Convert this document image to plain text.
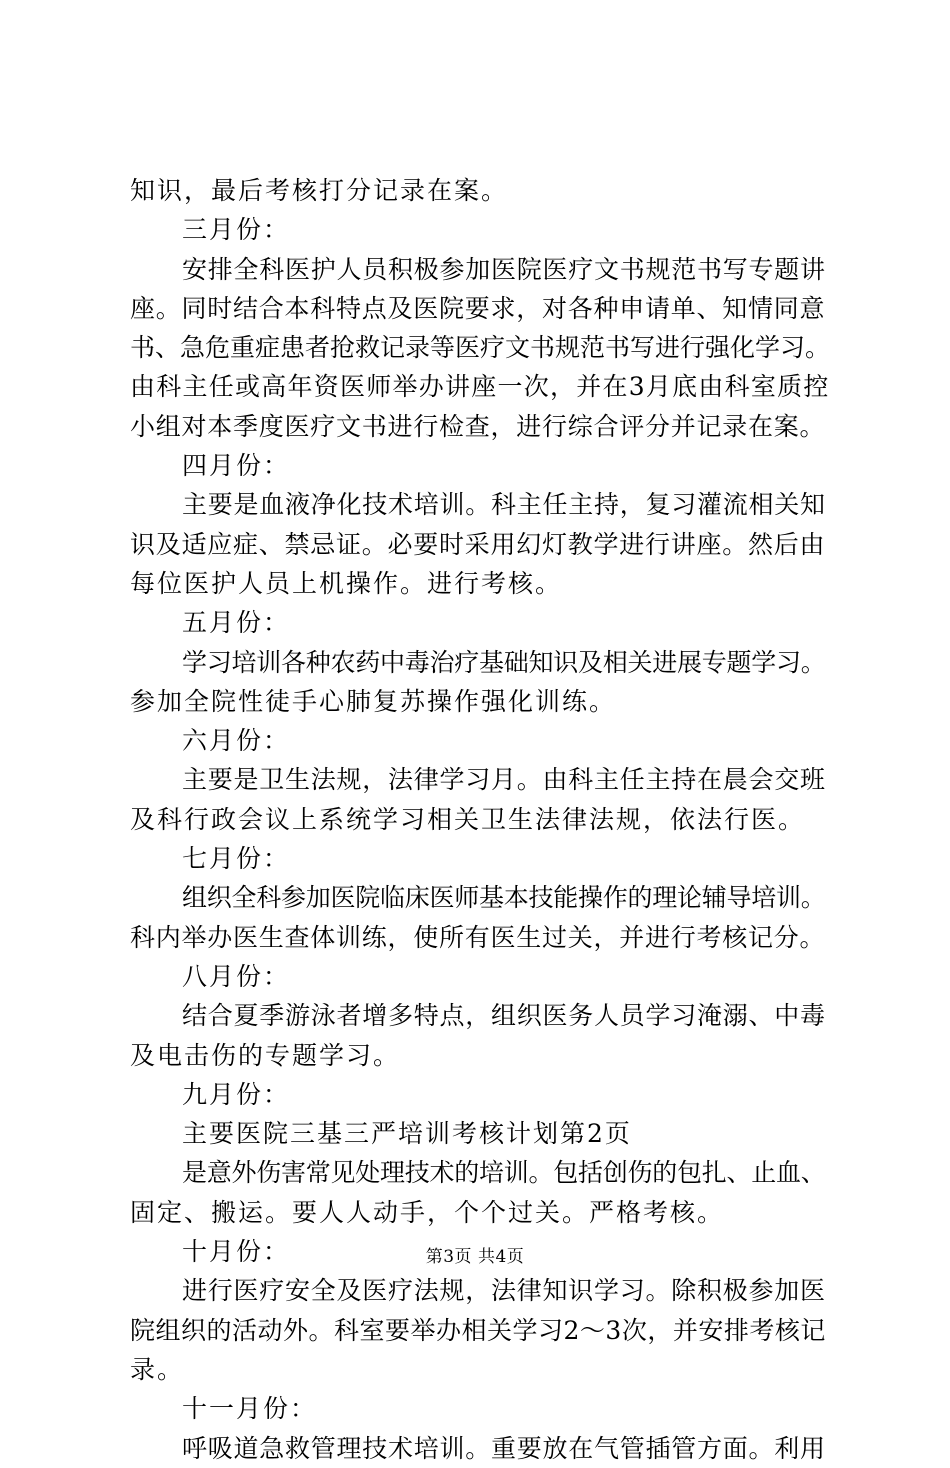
知识，最后考核打分记录在案。
三月份：
安排全科医护人员积极参加医院医疗文书规范书写专题讲
座。同时结合本科特点及医院要求，对各种申请单、知情同意
书、急危重症患者抢救记录等医疗文书规范书写进行强化学习。
由科主任或高年资医师举办讲座一次，并在3月底由科室质控
小组对本季度医疗文书进行检查，进行综合评分并记录在案。
四月份：
主要是血液净化技术培训。科主任主持，复习灌流相关知
识及适应症、禁忌证。必要时采用幻灯教学进行讲座。然后由
每位医护人员上机操作。进行考核。
五月份：
学习培训各种农药中毒治疗基础知识及相关进展专题学习。
参加全院性徒手心肺复苏操作强化训练。
六月份：
主要是卫生法规，法律学习月。由科主任主持在晨会交班
及科行政会议上系统学习相关卫生法律法规，依法行医。
七月份：
组织全科参加医院临床医师基本技能操作的理论辅导培训。
科内举办医生查体训练，使所有医生过关，并进行考核记分。
八月份：
结合夏季游泳者增多特点，组织医务人员学习淹溺、中毒
及电击伤的专题学习。
九月份：
主要医院三基三严培训考核计划第2页
是意外伤害常见处理技术的培训。包括创伤的包扎、止血、
固定、搬运。要人人动手，个个过关。严格考核。
十月份：
进行医疗安全及医疗法规，法律知识学习。除积极参加医
院组织的活动外。科室要举办相关学习2～3次，并安排考核记
录。
十一月份：
呼吸道急救管理技术培训。重要放在气管插管方面。利用
第3页 共4页
